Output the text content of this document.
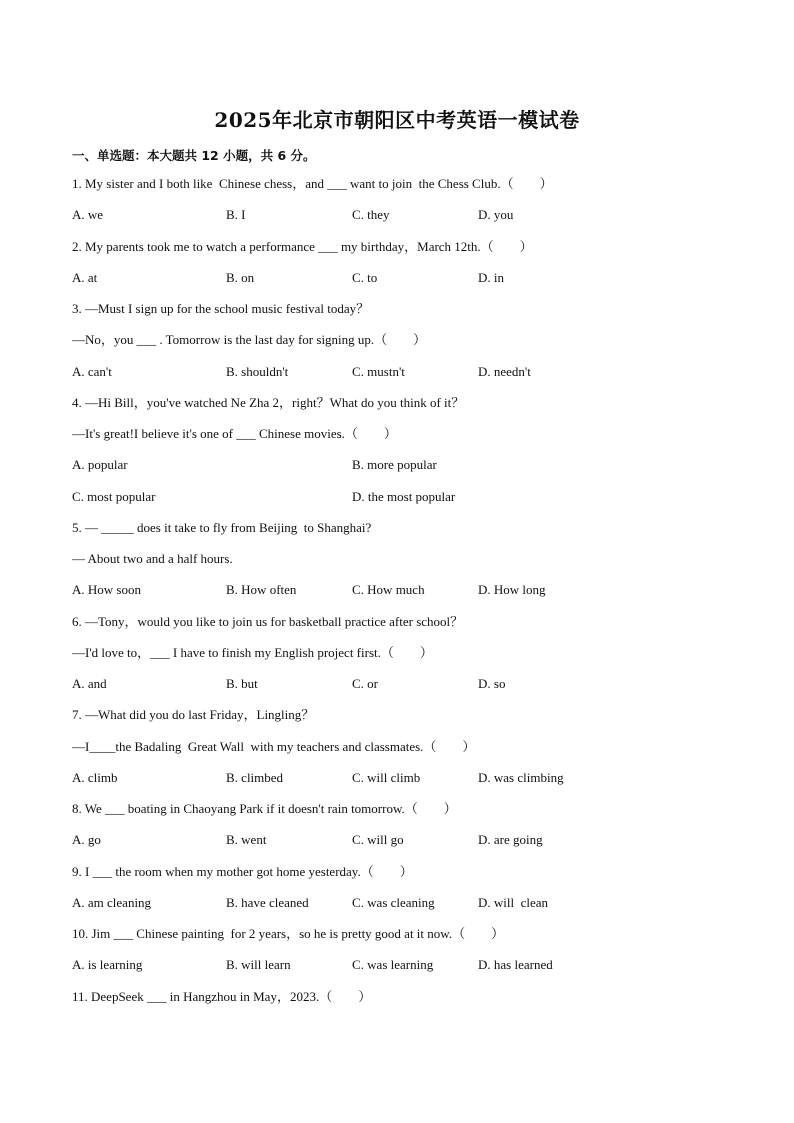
2025年北京市朝阳区中考英语一模试卷
一、单选题：本大题共 12 小题，共 6 分。
1. My sister and I both like  Chinese chess，and ___ want to join  the Chess Club.（        ）
A. we	B. I	C. they	D. you
2. My parents took me to watch a performance ___ my birthday，March 12th.（        ）
A. at	B. on	C. to	D. in
3. —Must I sign up for the school music festival today？
—No，you ___ . Tomorrow is the last day for signing up.（        ）
A. can't	B. shouldn't	C. mustn't	D. needn't
4. —Hi Bill，you've watched Ne Zha 2，right？What do you think of it？
—It's great!I believe it's one of ___ Chinese movies.（        ）
A. popular	B. more popular
C. most popular	D. the most popular
5. — _____ does it take to fly from Beijing  to Shanghai?
— About two and a half hours.
A. How soon	B. How often	C. How much	D. How long
6. —Tony，would you like to join us for basketball practice after school？
—I'd love to，___ I have to finish my English project first.（        ）
A. and	B. but	C. or	D. so
7. —What did you do last Friday，Lingling？
—I____the Badaling  Great Wall  with my teachers and classmates.（        ）
A. climb	B. climbed	C. will climb	D. was climbing
8. We ___ boating in Chaoyang Park if it doesn't rain tomorrow.（        ）
A. go	B. went	C. will go	D. are going
9. I ___ the room when my mother got home yesterday.（        ）
A. am cleaning	B. have cleaned	C. was cleaning	D. will  clean
10. Jim ___ Chinese painting  for 2 years，so he is pretty good at it now.（        ）
A. is learning	B. will learn	C. was learning	D. has learned
11. DeepSeek ___ in Hangzhou in May，2023.（        ）
